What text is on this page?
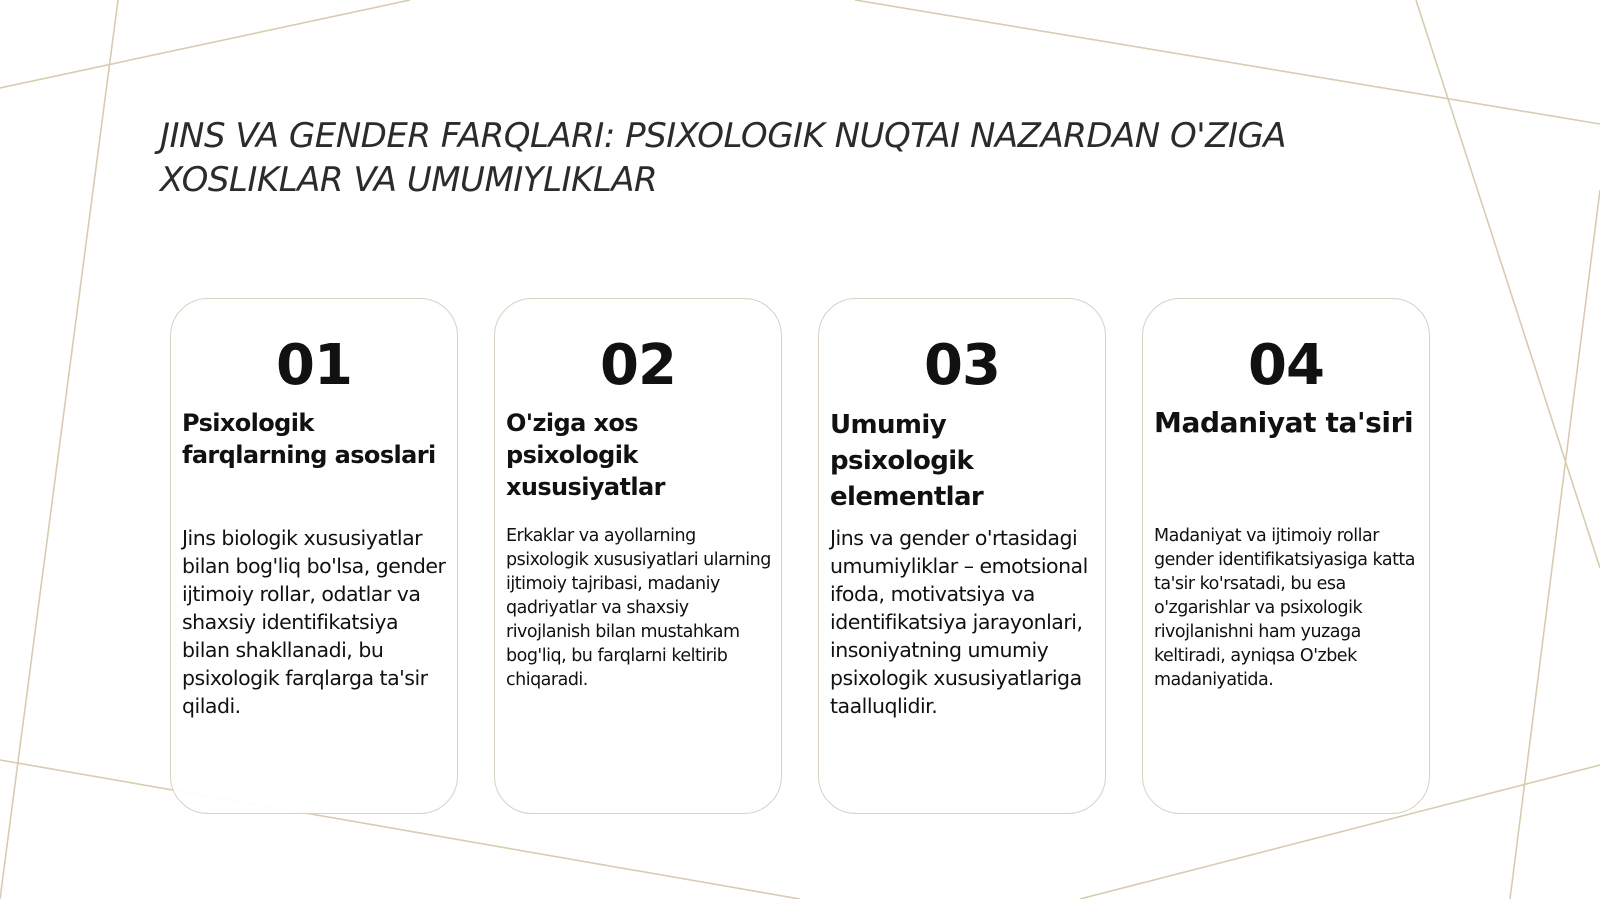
JINS VA GENDER FARQLARI: PSIXOLOGIK NUQTAI NAZARDAN O'ZIGA
XOSLIKLAR VA UMUMIYLIKLAR
01
Psixologik farqlarning asoslari
Jins biologik xususiyatlar bilan bog'liq bo'lsa, gender ijtimoiy rollar, odatlar va shaxsiy identifikatsiya bilan shakllanadi, bu psixologik farqlarga ta'sir qiladi.
02
O'ziga xos psixologik xususiyatlar
Erkaklar va ayollarning psixologik xususiyatlari ularning ijtimoiy tajribasi, madaniy qadriyatlar va shaxsiy rivojlanish bilan mustahkam bog'liq, bu farqlarni keltirib chiqaradi.
03
Umumiy psixologik elementlar
Jins va gender o'rtasidagi umumiyliklar – emotsional ifoda, motivatsiya va identifikatsiya jarayonlari, insoniyatning umumiy psixologik xususiyatlariga taalluqlidir.
04
Madaniyat ta'siri
Madaniyat va ijtimoiy rollar gender identifikatsiyasiga katta ta'sir ko'rsatadi, bu esa o'zgarishlar va psixologik rivojlanishni ham yuzaga keltiradi, ayniqsa O'zbek madaniyatida.
